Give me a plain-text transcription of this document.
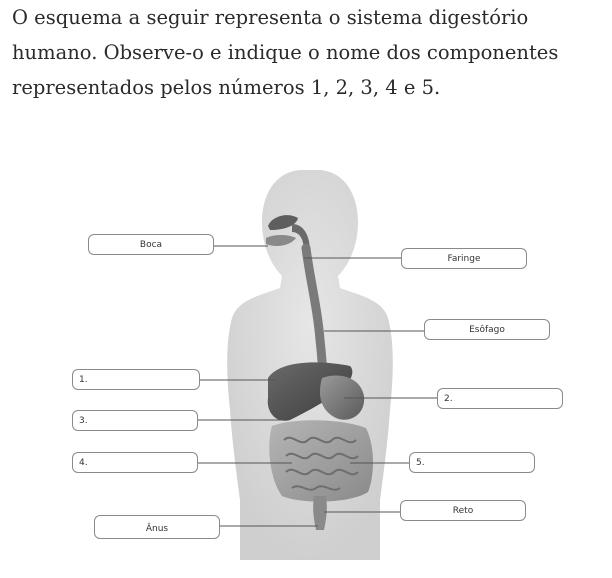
O esquema a seguir representa o sistema digestório
humano. Observe-o e indique o nome dos componentes
representados pelos números 1, 2, 3, 4 e 5.
Boca
Faringe
Esôfago
1.
2.
3.
4.	5.
Reto
Ânus
